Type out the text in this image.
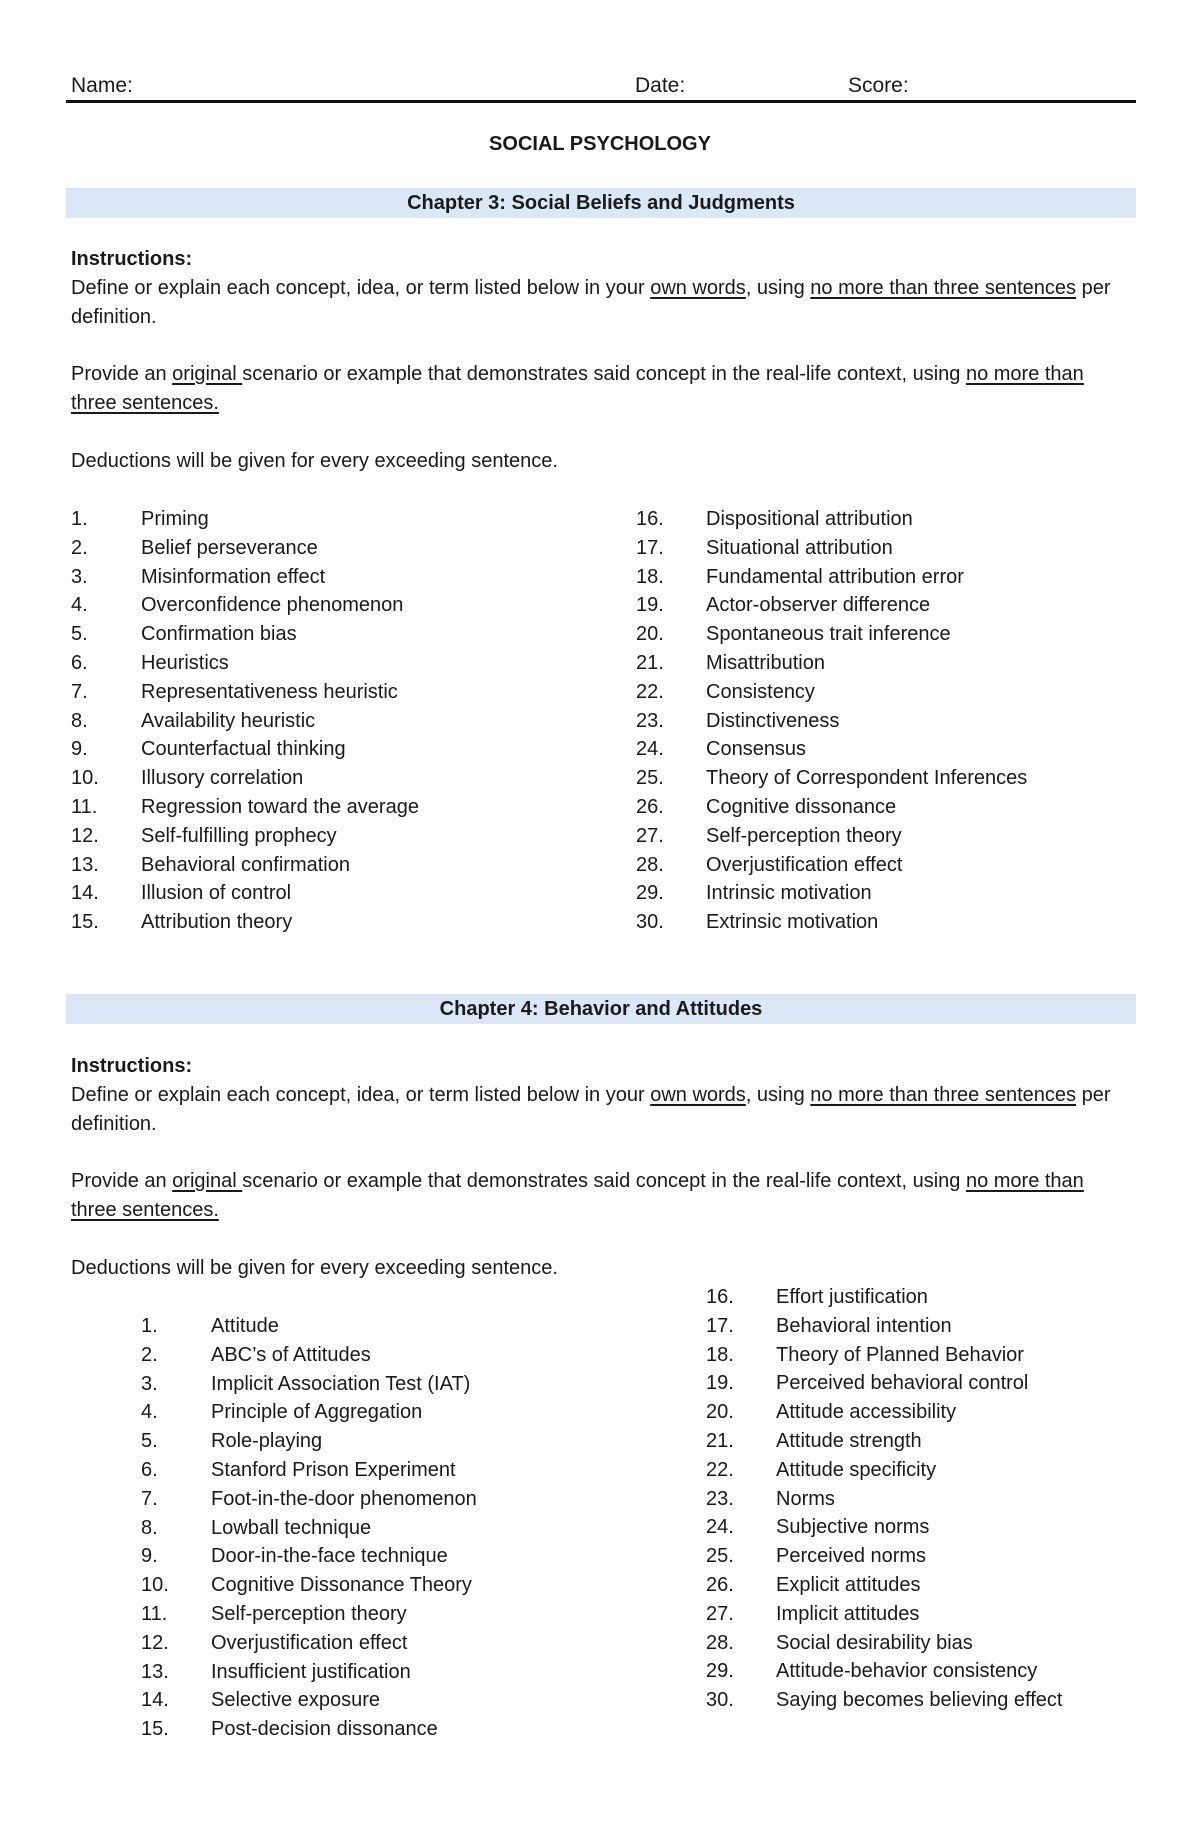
Name:	Date:	Score:
SOCIAL PSYCHOLOGY
Chapter 3: Social Beliefs and Judgments
Instructions:
Define or explain each concept, idea, or term listed below in your own words, using no more than three sentences per definition.
Provide an original scenario or example that demonstrates said concept in the real-life context, using no more than three sentences.
Deductions will be given for every exceeding sentence.
1.	Priming
2.	Belief perseverance
3.	Misinformation effect
4.	Overconfidence phenomenon
5.	Confirmation bias
6.	Heuristics
7.	Representativeness heuristic
8.	Availability heuristic
9.	Counterfactual thinking
10. Illusory correlation
11. Regression toward the average
12. Self-fulfilling prophecy
13. Behavioral confirmation
14. Illusion of control
15. Attribution theory
16. Dispositional attribution
17. Situational attribution
18. Fundamental attribution error
19. Actor-observer difference
20. Spontaneous trait inference
21. Misattribution
22. Consistency
23. Distinctiveness
24. Consensus
25. Theory of Correspondent Inferences
26. Cognitive dissonance
27. Self-perception theory
28. Overjustification effect
29. Intrinsic motivation
30. Extrinsic motivation
Chapter 4: Behavior and Attitudes
Instructions:
Define or explain each concept, idea, or term listed below in your own words, using no more than three sentences per definition.
Provide an original scenario or example that demonstrates said concept in the real-life context, using no more than three sentences.
Deductions will be given for every exceeding sentence.
1.	Attitude
2.	ABC’s of Attitudes
3.	Implicit Association Test (IAT)
4.	Principle of Aggregation
5.	Role-playing
6.	Stanford Prison Experiment
7.	Foot-in-the-door phenomenon
8.	Lowball technique
9.	Door-in-the-face technique
10. Cognitive Dissonance Theory
11. Self-perception theory
12. Overjustification effect
13. Insufficient justification
14. Selective exposure
15. Post-decision dissonance
16. Effort justification
17. Behavioral intention
18. Theory of Planned Behavior
19. Perceived behavioral control
20. Attitude accessibility
21. Attitude strength
22. Attitude specificity
23. Norms
24. Subjective norms
25. Perceived norms
26. Explicit attitudes
27. Implicit attitudes
28. Social desirability bias
29. Attitude-behavior consistency
30. Saying becomes believing effect
